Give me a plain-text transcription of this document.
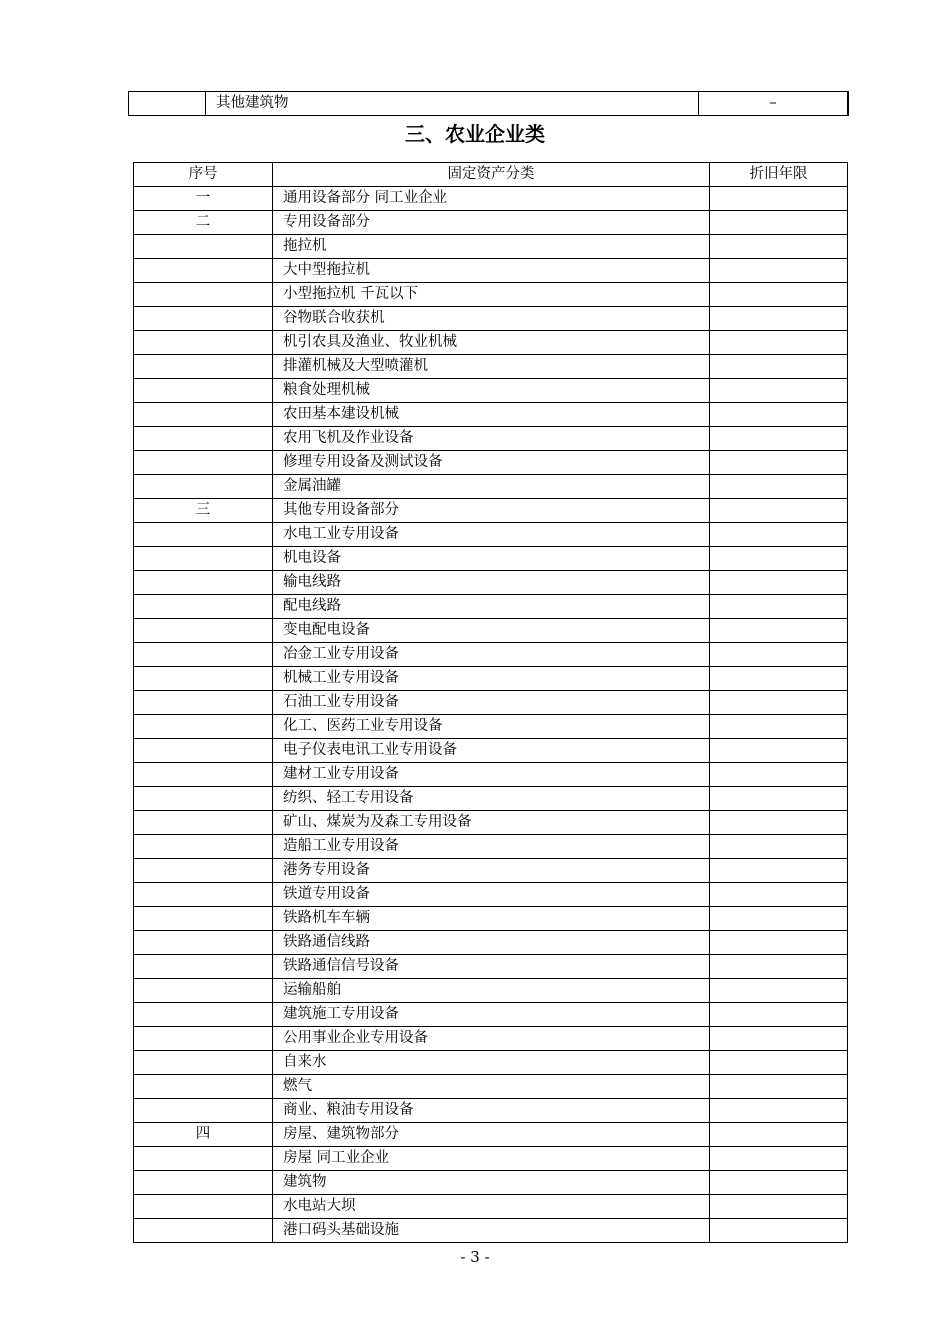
	其他建筑物	–
三、农业企业类
序号	固定资产分类	折旧年限
一	通用设备部分 同工业企业	
二	专用设备部分	
	拖拉机	
	大中型拖拉机	
	小型拖拉机 千瓦以下	
	谷物联合收获机	
	机引农具及渔业、牧业机械	
	排灌机械及大型喷灌机	
	粮食处理机械	
	农田基本建设机械	
	农用飞机及作业设备	
	修理专用设备及测试设备	
	金属油罐	
三	其他专用设备部分	
	水电工业专用设备	
	机电设备	
	输电线路	
	配电线路	
	变电配电设备	
	冶金工业专用设备	
	机械工业专用设备	
	石油工业专用设备	
	化工、医药工业专用设备	
	电子仪表电讯工业专用设备	
	建材工业专用设备	
	纺织、轻工专用设备	
	矿山、煤炭为及森工专用设备	
	造船工业专用设备	
	港务专用设备	
	铁道专用设备	
	铁路机车车辆	
	铁路通信线路	
	铁路通信信号设备	
	运输船舶	
	建筑施工专用设备	
	公用事业企业专用设备	
	自来水	
	燃气	
	商业、粮油专用设备	
四	房屋、建筑物部分	
	房屋 同工业企业	
	建筑物	
	水电站大坝	
	港口码头基础设施	
- 3 -
